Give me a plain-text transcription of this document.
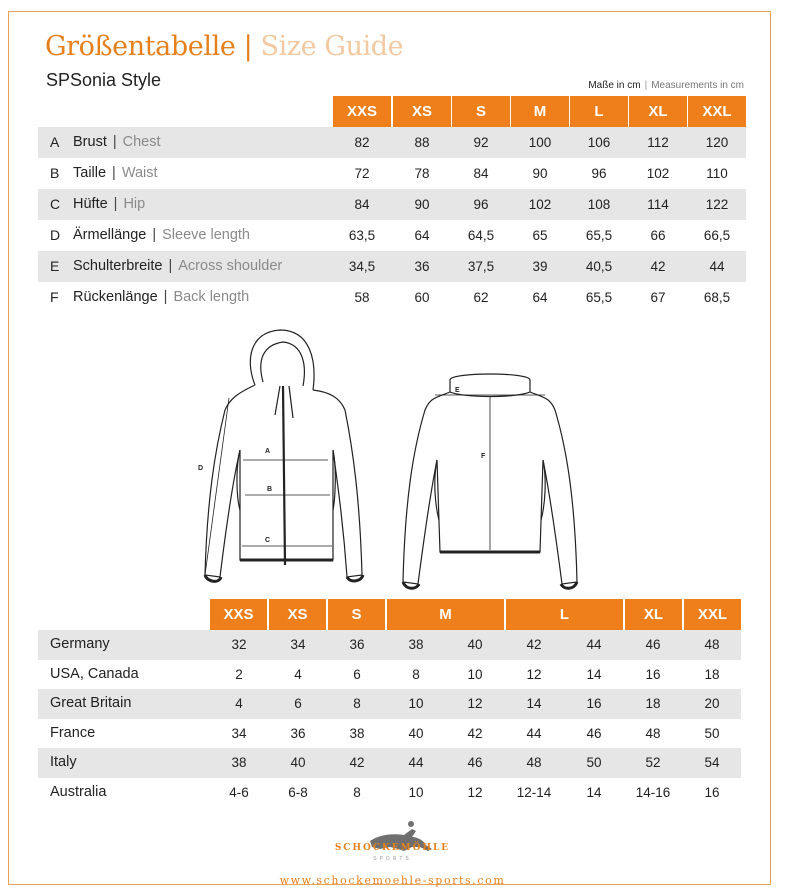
Größentabelle | Size Guide
SPSonia Style	Maße in cm | Measurements in cm
XXS	XS	S	M	L	XL	XXL
A Brust | Chest	82	88	92	100	106	112	120
B Taille | Waist	72	78	84	90	96	102	110
C Hüfte | Hip	84	90	96	102	108	114	122
D Ärmellänge | Sleeve length	63,5	64	64,5	65	65,5	66	66,5
E Schulterbreite | Across shoulder	34,5	36	37,5	39	40,5	42	44
F Rückenlänge | Back length	58	60	62	64	65,5	67	68,5
A
B
C
D
E
F
XXS	XS	S	M	L	XL	XXL
Germany	32	34	36	38	40	42	44	46	48
USA, Canada	2	4	6	8	10	12	14	16	18
Great Britain	4	6	8	10	12	14	16	18	20
France	34	36	38	40	42	44	46	48	50
Italy	38	40	42	44	46	48	50	52	54
Australia	4-6	6-8	8	10	12	12-14	14	14-16	16
SCHOCKEMÖHLE
SPORTS
www.schockemoehle-sports.com
